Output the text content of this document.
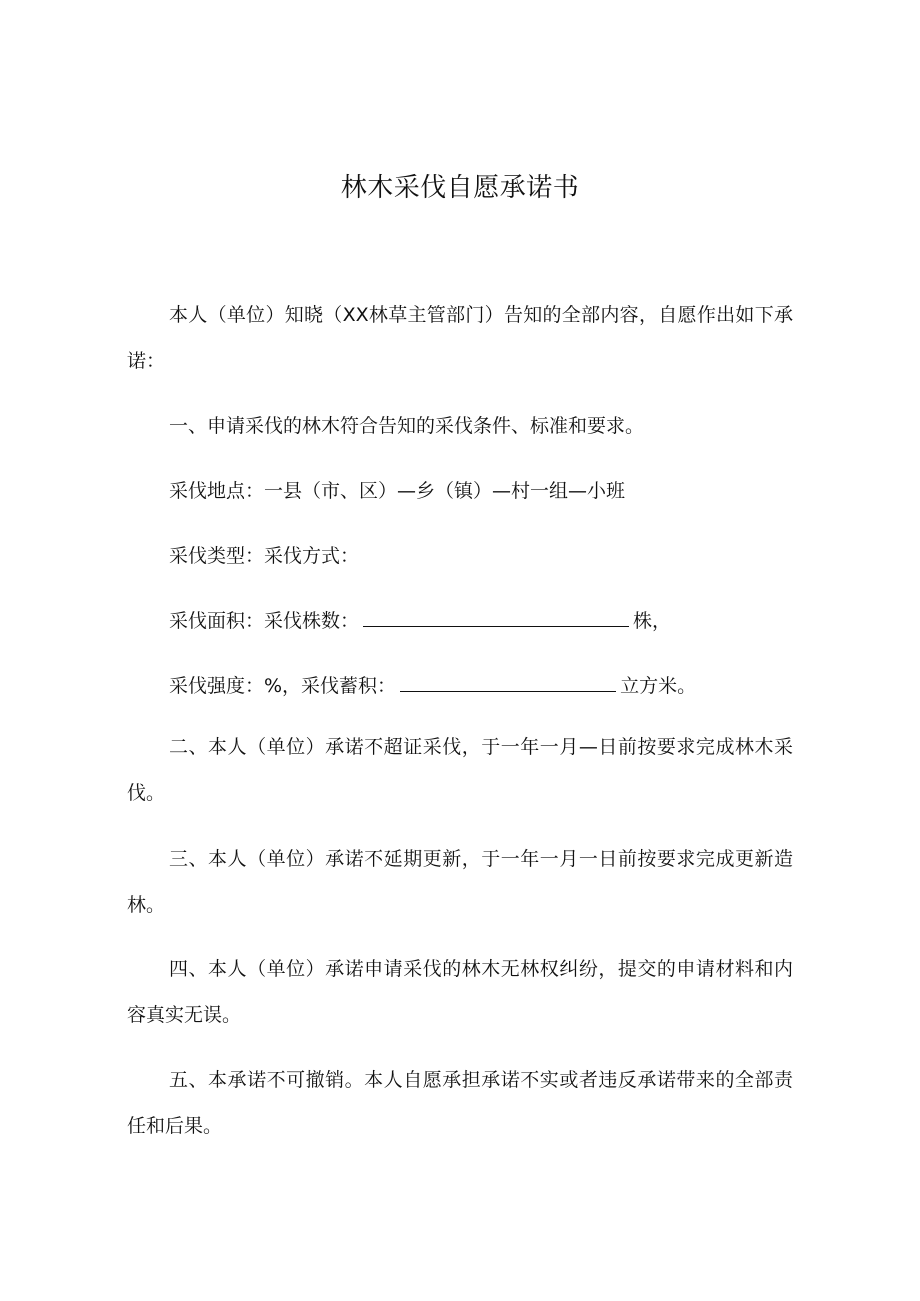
林木采伐自愿承诺书

本人（单位）知晓（XX林草主管部门）告知的全部内容，自愿作出如下承诺：

一、申请采伐的林木符合告知的采伐条件、标准和要求。
采伐地点：一县（市、区）—乡（镇）—村一组—小班
采伐类型：采伐方式：
采伐面积：采伐株数：	株，
采伐强度：%，采伐蓄积：	立方米。

二、本人（单位）承诺不超证采伐，于一年一月—日前按要求完成林木采伐。

三、本人（单位）承诺不延期更新，于一年一月一日前按要求完成更新造林。

四、本人（单位）承诺申请采伐的林木无林权纠纷，提交的申请材料和内容真实无误。

五、本承诺不可撤销。本人自愿承担承诺不实或者违反承诺带来的全部责任和后果。
